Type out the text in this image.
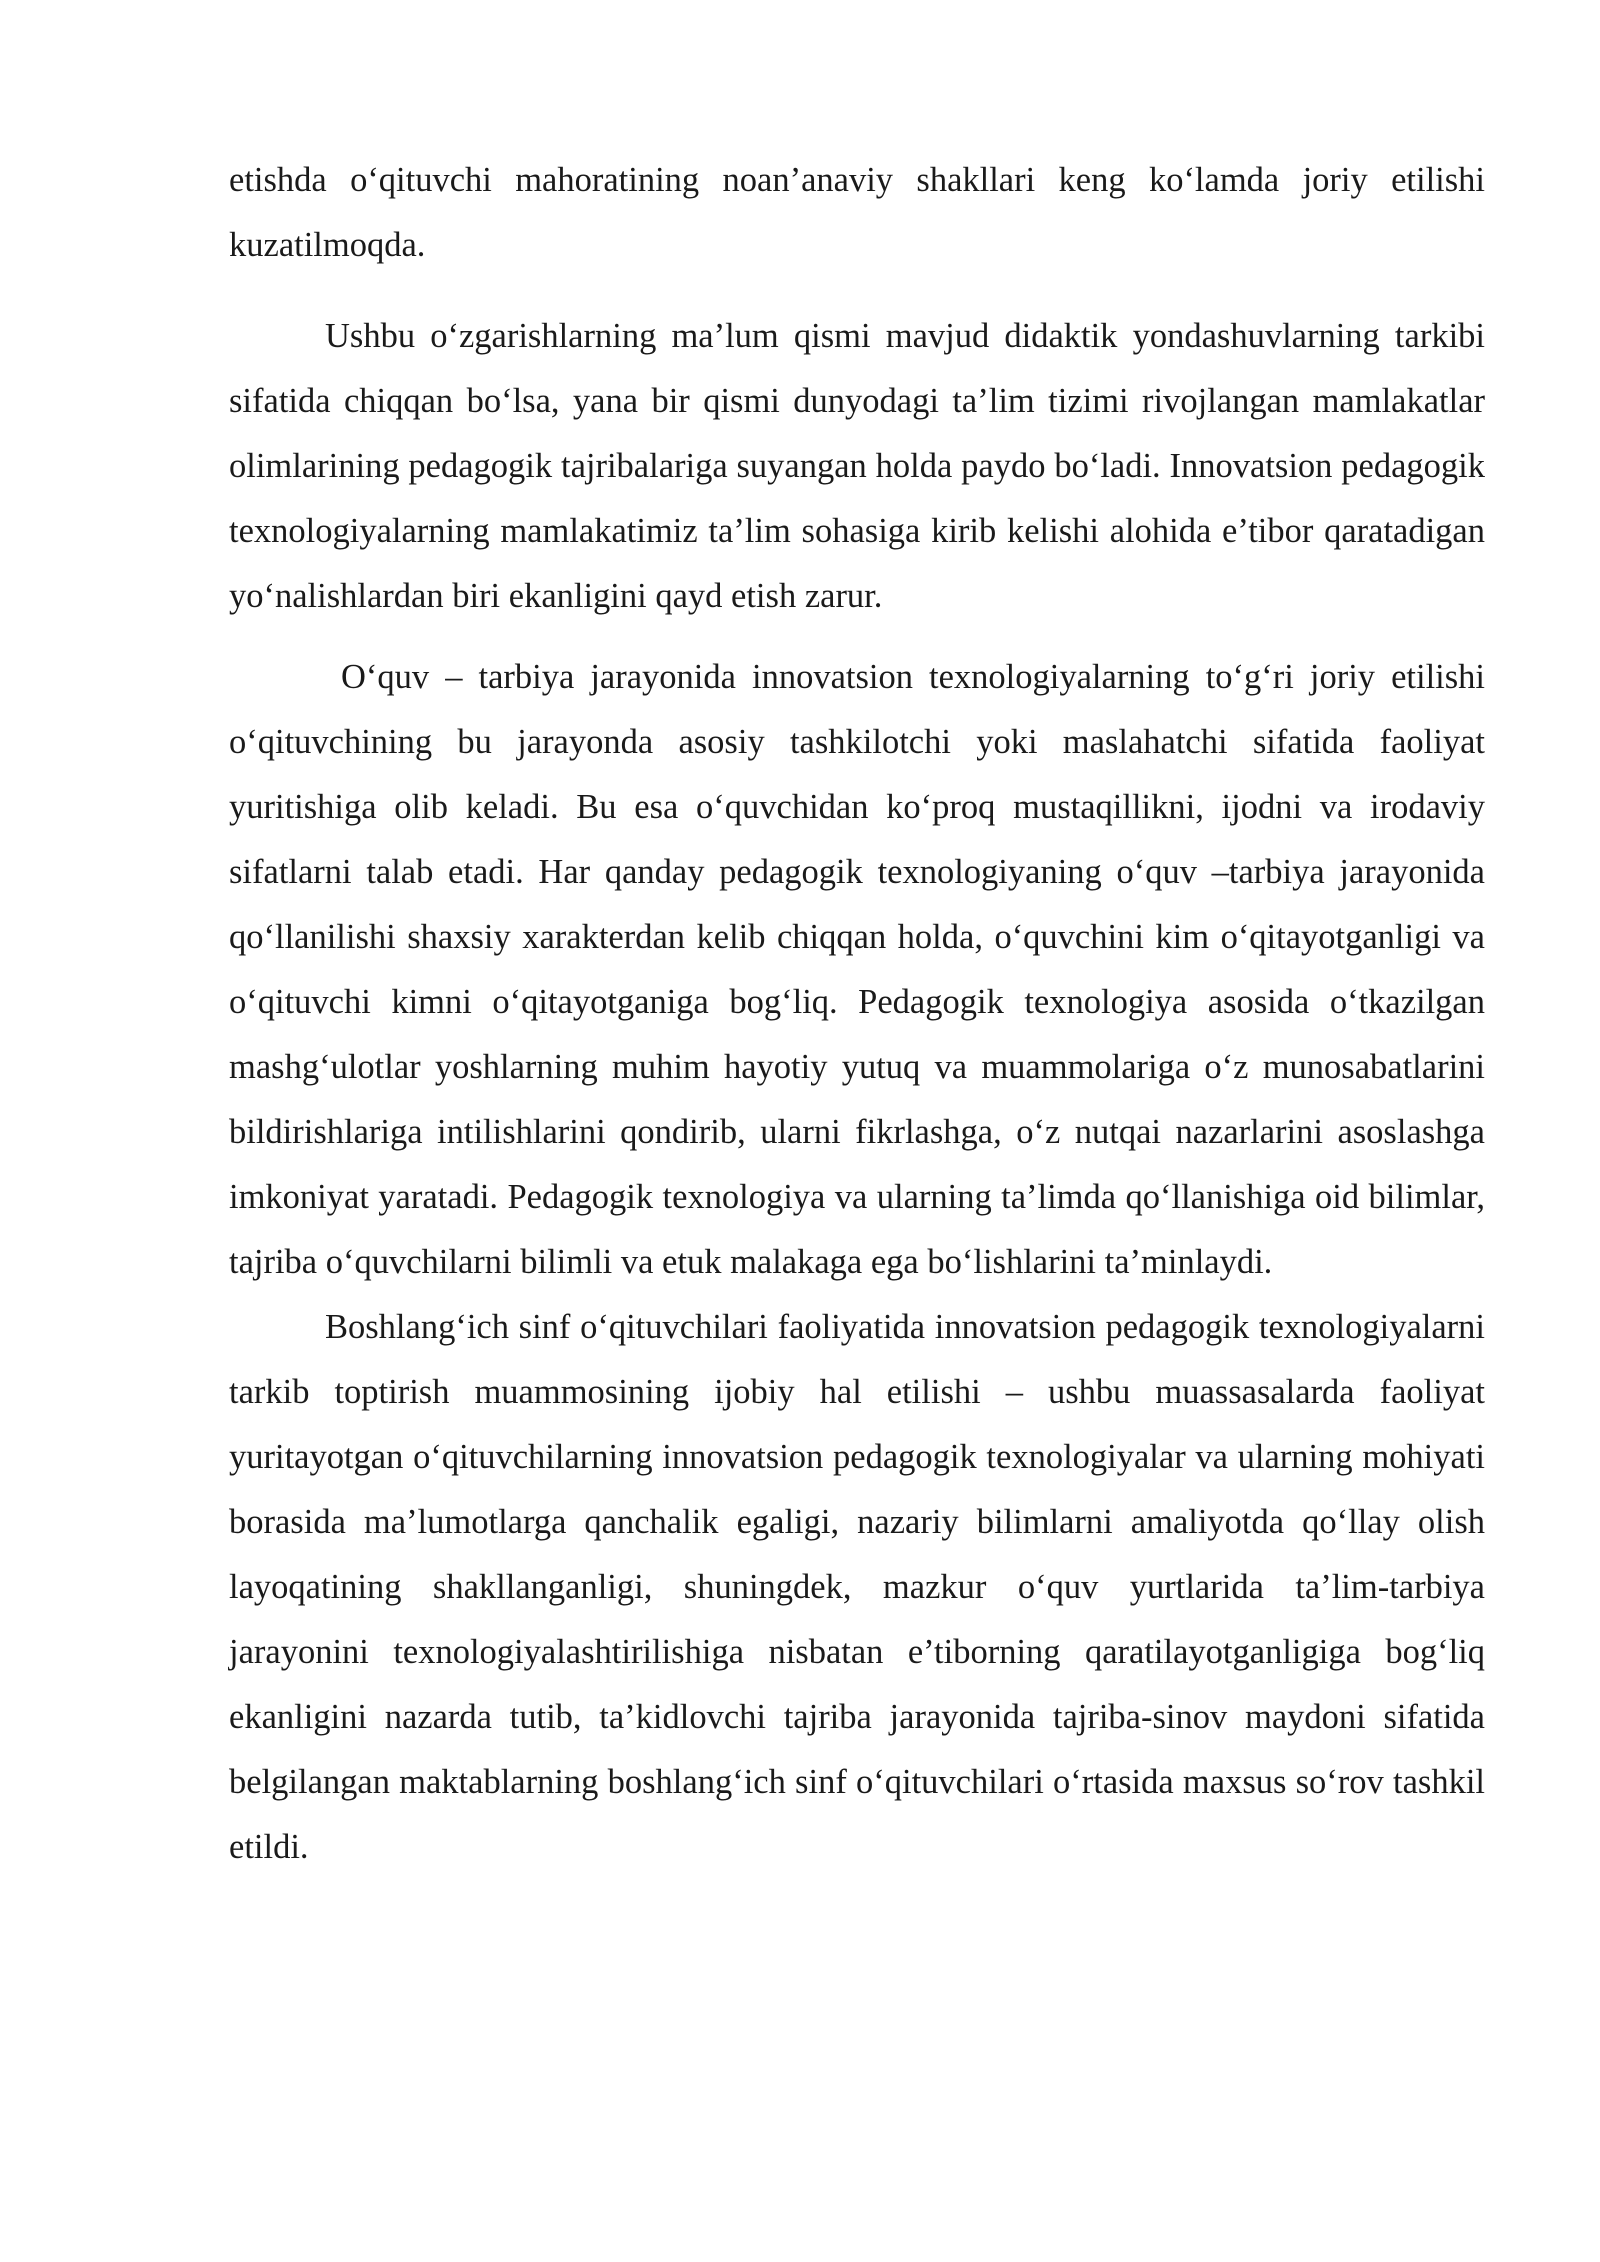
etishda o‘qituvchi mahoratining noan’anaviy shakllari keng ko‘lamda joriy etilishi kuzatilmoqda.

Ushbu o‘zgarishlarning ma’lum qismi mavjud didaktik yondashuvlarning tarkibi sifatida chiqqan bo‘lsa, yana bir qismi dunyodagi ta’lim tizimi rivojlangan mamlakatlar olimlarining pedagogik tajribalariga suyangan holda paydo bo‘ladi. Innovatsion pedagogik texnologiyalarning mamlakatimiz ta’lim sohasiga kirib kelishi alohida e’tibor qaratadigan yo‘nalishlardan biri ekanligini qayd etish zarur.

O‘quv – tarbiya jarayonida innovatsion texnologiyalarning to‘g‘ri joriy etilishi o‘qituvchining bu jarayonda asosiy tashkilotchi yoki maslahatchi sifatida faoliyat yuritishiga olib keladi. Bu esa o‘quvchidan ko‘proq mustaqillikni, ijodni va irodaviy sifatlarni talab etadi. Har qanday pedagogik texnologiyaning o‘quv –tarbiya jarayonida qo‘llanilishi shaxsiy xarakterdan kelib chiqqan holda, o‘quvchini kim o‘qitayotganligi va o‘qituvchi kimni o‘qitayotganiga bog‘liq. Pedagogik texnologiya asosida o‘tkazilgan mashg‘ulotlar yoshlarning muhim hayotiy yutuq va muammolariga o‘z munosabatlarini bildirishlariga intilishlarini qondirib, ularni fikrlashga, o‘z nutqai nazarlarini asoslashga imkoniyat yaratadi. Pedagogik texnologiya va ularning ta’limda qo‘llanishiga oid bilimlar, tajriba o‘quvchilarni bilimli va etuk malakaga ega bo‘lishlarini ta’minlaydi.

Boshlang‘ich sinf o‘qituvchilari faoliyatida innovatsion pedagogik texnologiyalarni tarkib toptirish muammosining ijobiy hal etilishi – ushbu muassasalarda faoliyat yuritayotgan o‘qituvchilarning innovatsion pedagogik texnologiyalar va ularning mohiyati borasida ma’lumotlarga qanchalik egaligi, nazariy bilimlarni amaliyotda qo‘llay olish layoqatining shakllanganligi, shuningdek, mazkur o‘quv yurtlarida ta’lim-tarbiya jarayonini texnologiyalashtirilishiga nisbatan e’tiborning qaratilayotganligiga bog‘liq ekanligini nazarda tutib, ta’kidlovchi tajriba jarayonida tajriba-sinov maydoni sifatida belgilangan maktablarning boshlang‘ich sinf o‘qituvchilari o‘rtasida maxsus so‘rov tashkil etildi.
